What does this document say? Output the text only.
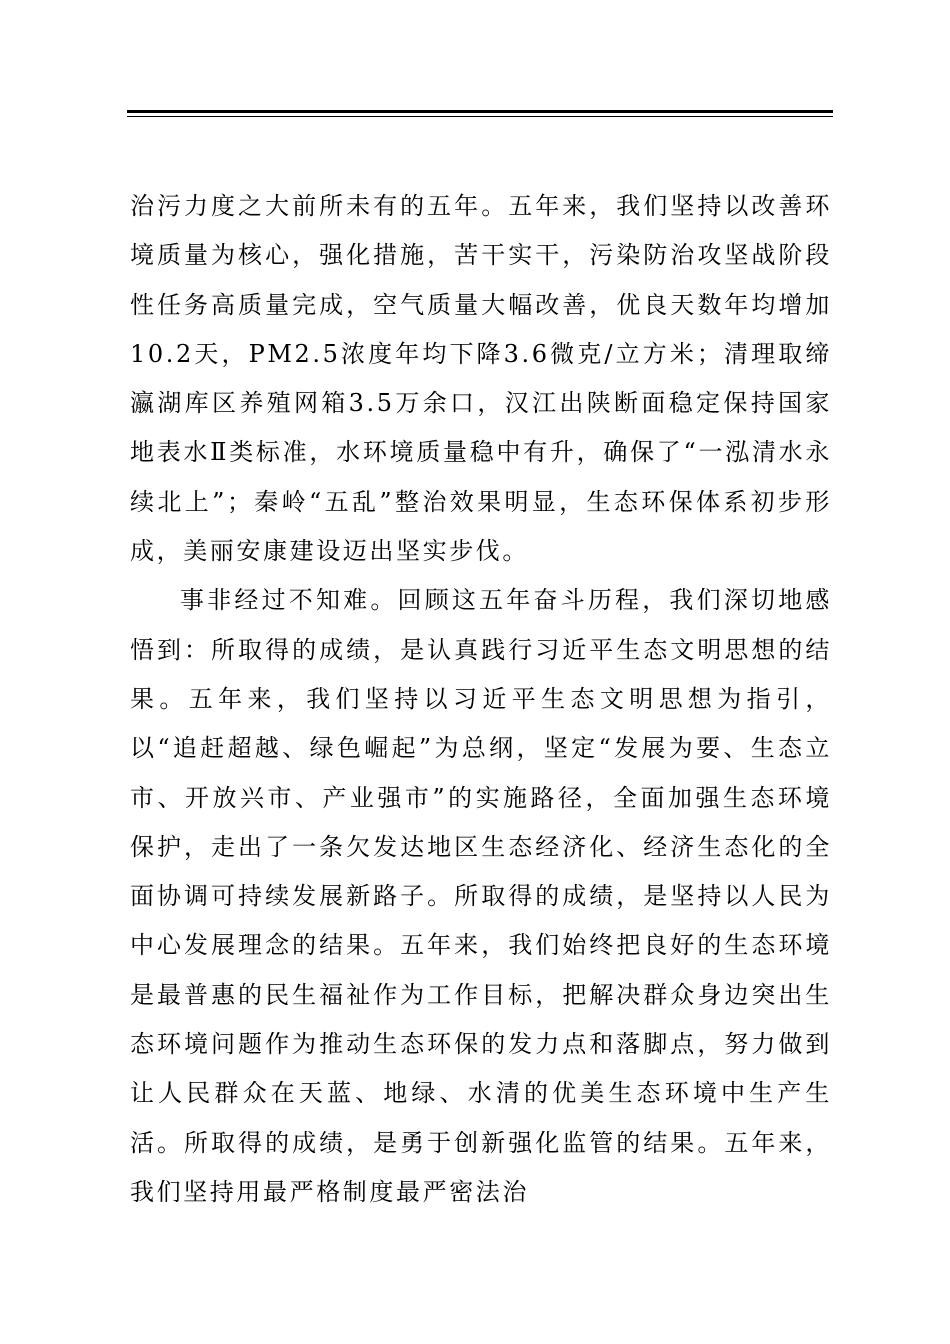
治污力度之大前所未有的五年。五年来，我们坚持以改善环境质量为核心，强化措施，苦干实干，污染防治攻坚战阶段性任务高质量完成，空气质量大幅改善，优良天数年均增加10.2天，PM2.5浓度年均下降3.6微克/立方米；清理取缔瀛湖库区养殖网箱3.5万余口，汉江出陕断面稳定保持国家地表水Ⅱ类标准，水环境质量稳中有升，确保了“一泓清水永续北上”；秦岭“五乱”整治效果明显，生态环保体系初步形成，美丽安康建设迈出坚实步伐。

事非经过不知难。回顾这五年奋斗历程，我们深切地感悟到：所取得的成绩，是认真践行习近平生态文明思想的结果。五年来，我们坚持以习近平生态文明思想为指引，以“追赶超越、绿色崛起”为总纲，坚定“发展为要、生态立市、开放兴市、产业强市”的实施路径，全面加强生态环境保护，走出了一条欠发达地区生态经济化、经济生态化的全面协调可持续发展新路子。所取得的成绩，是坚持以人民为中心发展理念的结果。五年来，我们始终把良好的生态环境是最普惠的民生福祉作为工作目标，把解决群众身边突出生态环境问题作为推动生态环保的发力点和落脚点，努力做到让人民群众在天蓝、地绿、水清的优美生态环境中生产生活。所取得的成绩，是勇于创新强化监管的结果。五年来，我们坚持用最严格制度最严密法治
